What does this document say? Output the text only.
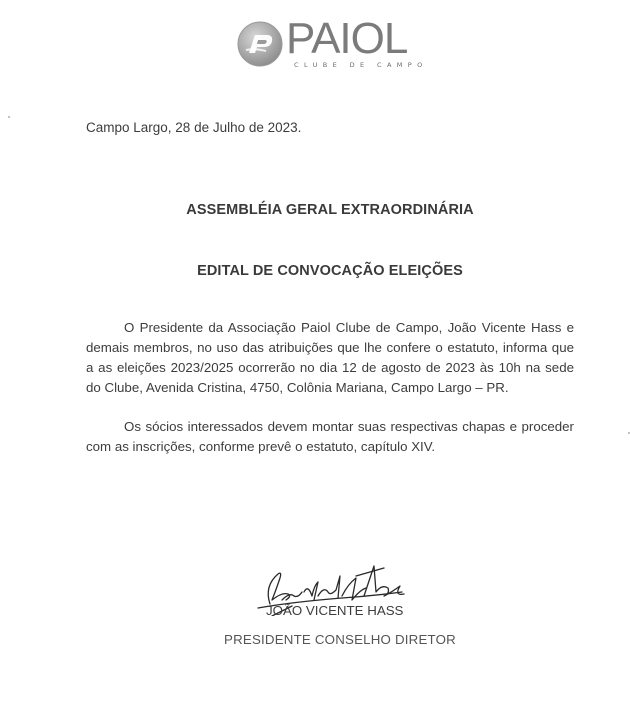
PAIOL
CLUBE DE CAMPO
Campo Largo, 28 de Julho de 2023.
ASSEMBLÉIA GERAL EXTRAORDINÁRIA
EDITAL DE CONVOCAÇÃO ELEIÇÕES

O Presidente da Associação Paiol Clube de Campo, João Vicente Hass e demais membros, no uso das atribuições que lhe confere o estatuto, informa que a as eleições 2023/2025 ocorrerão no dia 12 de agosto de 2023 às 10h na sede do Clube, Avenida Cristina, 4750, Colônia Mariana, Campo Largo – PR.

Os sócios interessados devem montar suas respectivas chapas e proceder com as inscrições, conforme prevê o estatuto, capítulo XIV.

JOÃO VICENTE HASS
PRESIDENTE CONSELHO DIRETOR
